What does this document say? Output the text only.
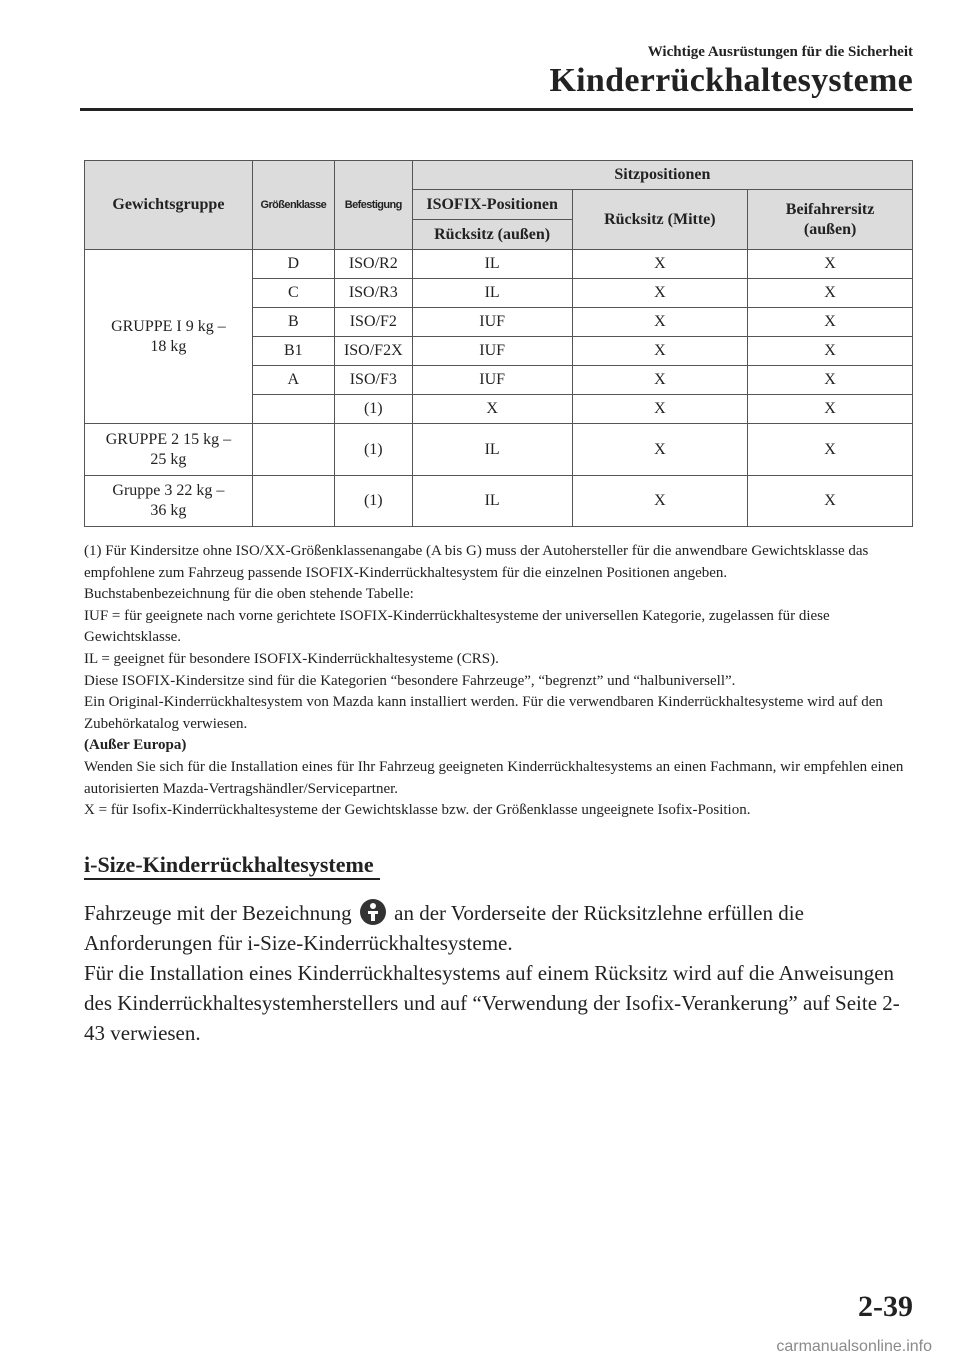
Wichtige Ausrüstungen für die Sicherheit
Kinderrückhaltesysteme
Gewichtsgruppe	Größenklasse	Befestigung	Sitzpositionen		
			ISOFIX-Positionen	Rücksitz (Mitte)	Beifahrersitz
(außen)
			Rücksitz (außen)		
GRUPPE I 9 kg –
18 kg	D	ISO/R2	IL	X	X
	C	ISO/R3	IL	X	X
	B	ISO/F2	IUF	X	X
	B1	ISO/F2X	IUF	X	X
	A	ISO/F3	IUF	X	X
		(1)	X	X	X
GRUPPE 2 15 kg –
25 kg		(1)	IL	X	X
Gruppe 3 22 kg –
36 kg		(1)	IL	X	X

(1) Für Kindersitze ohne ISO/XX-Größenklassenangabe (A bis G) muss der Autohersteller für die anwendbare Gewichtsklasse das empfohlene zum Fahrzeug passende ISOFIX-Kinderrückhaltesystem für die einzelnen Positionen angeben.

Buchstabenbezeichnung für die oben stehende Tabelle:

IUF = für geeignete nach vorne gerichtete ISOFIX-Kinderrückhaltesysteme der universellen Kategorie, zugelassen für diese Gewichtsklasse.

IL = geeignet für besondere ISOFIX-Kinderrückhaltesysteme (CRS).

Diese ISOFIX-Kindersitze sind für die Kategorien “besondere Fahrzeuge”, “begrenzt” und “halbuniversell”.

Ein Original-Kinderrückhaltesystem von Mazda kann installiert werden. Für die verwendbaren Kinderrückhaltesysteme wird auf den Zubehörkatalog verwiesen.

(Außer Europa)

Wenden Sie sich für die Installation eines für Ihr Fahrzeug geeigneten Kinderrückhaltesystems an einen Fachmann, wir empfehlen einen autorisierten Mazda-Vertragshändler/Servicepartner.

X = für Isofix-Kinderrückhaltesysteme der Gewichtsklasse bzw. der Größenklasse ungeeignete Isofix-Position.

i-Size-Kinderrückhaltesysteme

Fahrzeuge mit der Bezeichnung an der Vorderseite der Rücksitzlehne erfüllen die Anforderungen für i-Size-Kinderrückhaltesysteme.

Für die Installation eines Kinderrückhaltesystems auf einem Rücksitz wird auf die Anweisungen des Kinderrückhaltesystemherstellers und auf “Verwendung der Isofix-Verankerung” auf Seite 2-43 verwiesen.

2-39
carmanualsonline.info
